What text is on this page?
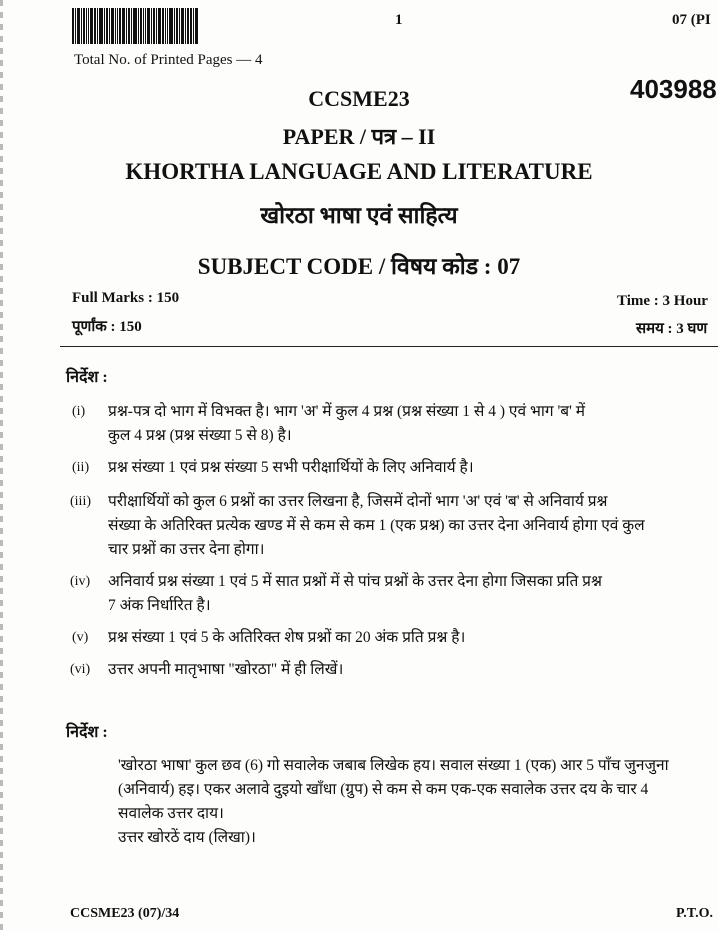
1	07 (PI
Total No. of Printed Pages — 4
403988
CCSME23
PAPER / पत्र – II
KHORTHA LANGUAGE AND LITERATURE
खोरठा भाषा एवं साहित्य
SUBJECT CODE / विषय कोड : 07
Full Marks : 150
पूर्णांक : 150
Time : 3 Hour
समय : 3 घण
निर्देश :
(i) प्रश्न-पत्र दो भाग में विभक्त है। भाग 'अ' में कुल 4 प्रश्न (प्रश्न संख्या 1 से 4 ) एवं भाग 'ब' में
कुल 4 प्रश्न (प्रश्न संख्या 5 से 8) है।
(ii) प्रश्न संख्या 1 एवं प्रश्न संख्या 5 सभी परीक्षार्थियों के लिए अनिवार्य है।
(iii) परीक्षार्थियों को कुल 6 प्रश्नों का उत्तर लिखना है, जिसमें दोनों भाग 'अ' एवं 'ब' से अनिवार्य प्रश्न
संख्या के अतिरिक्त प्रत्येक खण्ड में से कम से कम 1 (एक प्रश्न) का उत्तर देना अनिवार्य होगा एवं कुल
चार प्रश्नों का उत्तर देना होगा।
(iv) अनिवार्य प्रश्न संख्या 1 एवं 5 में सात प्रश्नों में से पांच प्रश्नों के उत्तर देना होगा जिसका प्रति प्रश्न
7 अंक निर्धारित है।
(v) प्रश्न संख्या 1 एवं 5 के अतिरिक्त शेष प्रश्नों का 20 अंक प्रति प्रश्न है।
(vi) उत्तर अपनी मातृभाषा "खोरठा" में ही लिखें।
निर्देश :
'खोरठा भाषा' कुल छव (6) गो सवालेक जबाब लिखेक हय। सवाल संख्या 1 (एक) आर 5 पाँच जुनजुना
(अनिवार्य) हइ। एकर अलावे दुइयो खाँधा (ग्रुप) से कम से कम एक-एक सवालेक उत्तर दय के चार 4
सवालेक उत्तर दाय।
उत्तर खोरठें दाय (लिखा)।
CCSME23 (07)/34	P.T.O.
